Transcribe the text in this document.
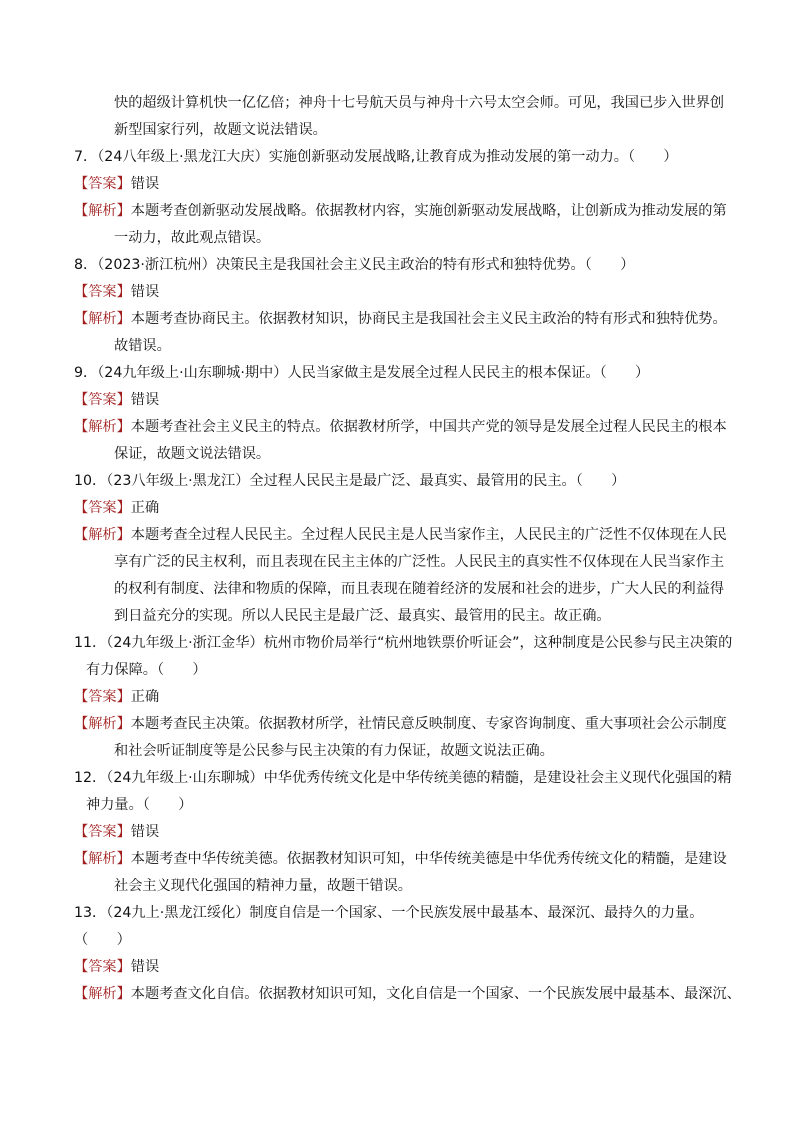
快的超级计算机快一亿亿倍；神舟十七号航天员与神舟十六号太空会师。可见，我国已步入世界创
新型国家行列，故题文说法错误。
7．（24八年级上·黑龙江大庆）实施创新驱动发展战略,让教育成为推动发展的第一动力。（　　）
【答案】错误
【解析】本题考查创新驱动发展战略。依据教材内容，实施创新驱动发展战略，让创新成为推动发展的第
一动力，故此观点错误。
8．（2023·浙江杭州）决策民主是我国社会主义民主政治的特有形式和独特优势。（　　）
【答案】错误
【解析】本题考查协商民主。依据教材知识，协商民主是我国社会主义民主政治的特有形式和独特优势。
故错误。
9．（24九年级上·山东聊城·期中）人民当家做主是发展全过程人民民主的根本保证。（　　）
【答案】错误
【解析】本题考查社会主义民主的特点。依据教材所学，中国共产党的领导是发展全过程人民民主的根本
保证，故题文说法错误。
10．（23八年级上·黑龙江）全过程人民民主是最广泛、最真实、最管用的民主。（　　）
【答案】正确
【解析】本题考查全过程人民民主。全过程人民民主是人民当家作主，人民民主的广泛性不仅体现在人民
享有广泛的民主权利，而且表现在民主主体的广泛性。人民民主的真实性不仅体现在人民当家作主
的权利有制度、法律和物质的保障，而且表现在随着经济的发展和社会的进步，广大人民的利益得
到日益充分的实现。所以人民民主是最广泛、最真实、最管用的民主。故正确。
11．（24九年级上·浙江金华）杭州市物价局举行“杭州地铁票价听证会”，这种制度是公民参与民主决策的
有力保障。（　　）
【答案】正确
【解析】本题考查民主决策。依据教材所学，社情民意反映制度、专家咨询制度、重大事项社会公示制度
和社会听证制度等是公民参与民主决策的有力保证，故题文说法正确。
12．（24九年级上·山东聊城）中华优秀传统文化是中华传统美德的精髓，是建设社会主义现代化强国的精
神力量。（　　）
【答案】错误
【解析】本题考查中华传统美德。依据教材知识可知，中华传统美德是中华优秀传统文化的精髓，是建设
社会主义现代化强国的精神力量，故题干错误。
13．（24九上·黑龙江绥化）制度自信是一个国家、一个民族发展中最基本、最深沉、最持久的力量。
（　　）
【答案】错误
【解析】本题考查文化自信。依据教材知识可知，文化自信是一个国家、一个民族发展中最基本、最深沉、
